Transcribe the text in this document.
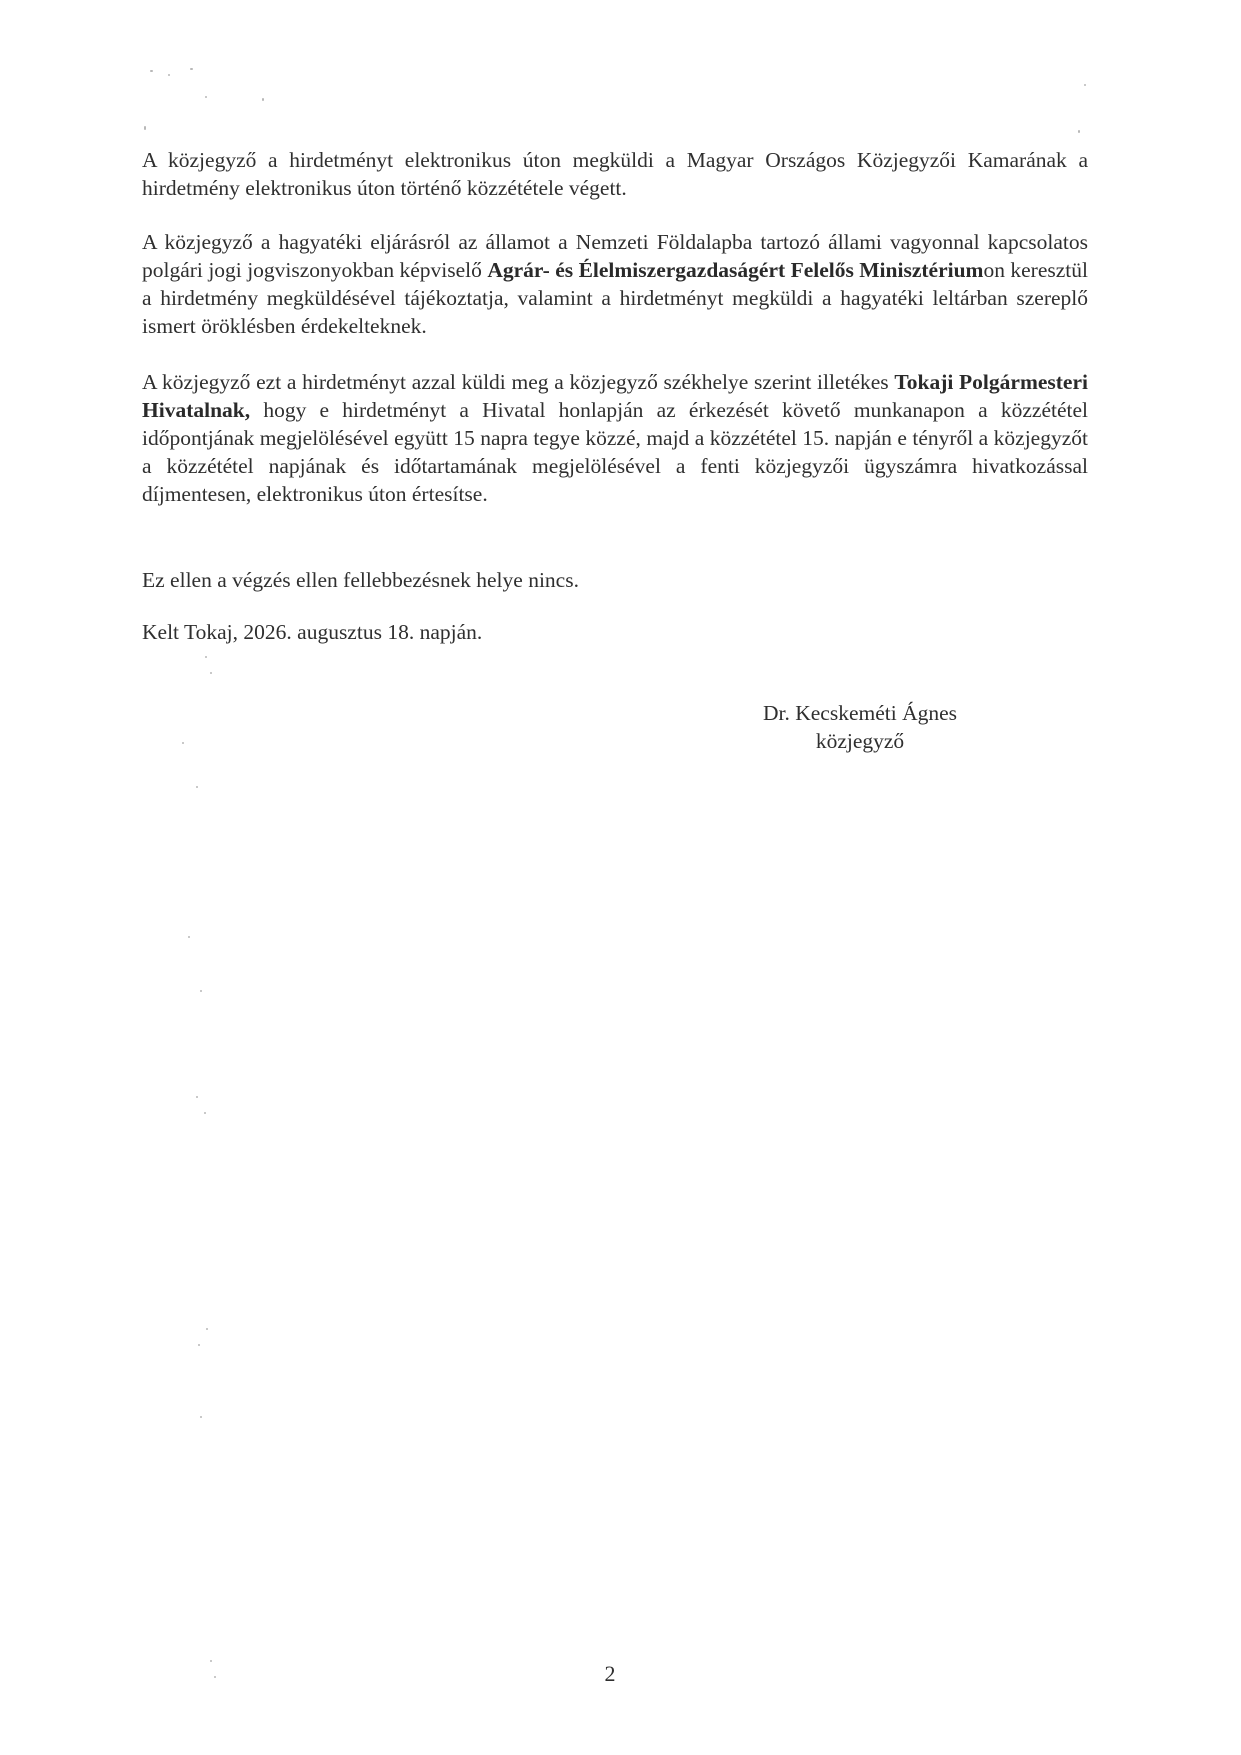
A közjegyző a hirdetményt elektronikus úton megküldi a Magyar Országos Közjegyzői Kamarának a hirdetmény elektronikus úton történő közzététele végett.

A közjegyző a hagyatéki eljárásról az államot a Nemzeti Földalapba tartozó állami vagyonnal kapcsolatos polgári jogi jogviszonyokban képviselő Agrár- és Élelmiszergazdaságért Felelős Minisztériumon keresztül a hirdetmény megküldésével tájékoztatja, valamint a hirdetményt megküldi a hagyatéki leltárban szereplő ismert öröklésben érdekelteknek.

A közjegyző ezt a hirdetményt azzal küldi meg a közjegyző székhelye szerint illetékes Tokaji Polgármesteri Hivatalnak, hogy e hirdetményt a Hivatal honlapján az érkezését követő munkanapon a közzététel időpontjának megjelölésével együtt 15 napra tegye közzé, majd a közzététel 15. napján e tényről a közjegyzőt a közzététel napjának és időtartamának megjelölésével a fenti közjegyzői ügyszámra hivatkozással díjmentesen, elektronikus úton értesítse.

Ez ellen a végzés ellen fellebbezésnek helye nincs.

Kelt Tokaj, 2026. augusztus 18. napján.

Dr. Kecskeméti Ágnes
közjegyző
2
